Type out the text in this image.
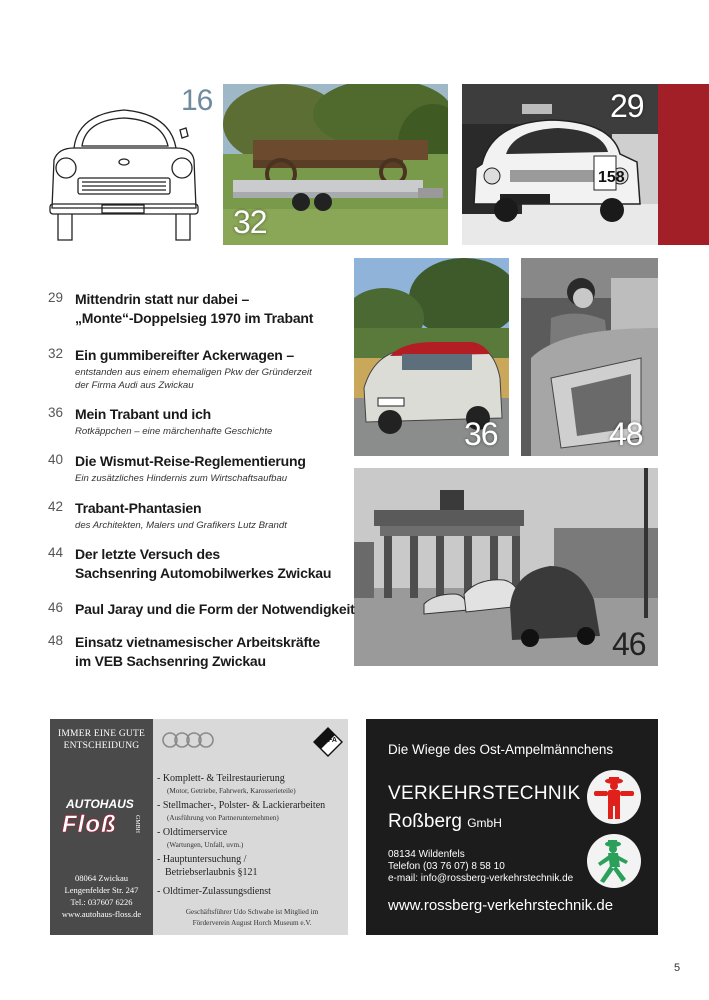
16
32
158
29
36	48
46
29 Mittendrin statt nur dabei –
„Monte“-Doppelsieg 1970 im Trabant
32 Ein gummibereifter Ackerwagen –
entstanden aus einem ehemaligen Pkw der Gründerzeit
der Firma Audi aus Zwickau
36 Mein Trabant und ich
Rotkäppchen – eine märchenhafte Geschichte
40 Die Wismut-Reise-Reglementierung
Ein zusätzliches Hindernis zum Wirtschaftsaufbau
42 Trabant-Phantasien
des Architekten, Malers und Grafikers Lutz Brandt
44 Der letzte Versuch des
Sachsenring Automobilwerkes Zwickau
46 Paul Jaray und die Form der Notwendigkeit
48 Einsatz vietnamesischer Arbeitskräfte
im VEB Sachsenring Zwickau
IMMER EINE GUTE
ENTSCHEIDUNG
AUTOHAUS
Floß	GMBH
08064 Zwickau
Lengenfelder Str. 247
Tel.: 037607 6226
www.autohaus-floss.de
IFA
- Komplett- & Teilrestaurierung
(Motor, Getriebe, Fahrwerk, Karosserieteile)
- Stellmacher-, Polster- & Lackierarbeiten
(Ausführung von Partnerunternehmen)
- Oldtimerservice
(Wartungen, Unfall, uvm.)
- Hauptuntersuchung /
Betriebserlaubnis §121
- Oldtimer-Zulassungsdienst
Geschäftsführer Udo Schwabe ist Mitglied im
Förderverein August Horch Museum e.V.
Die Wiege des Ost-Ampelmännchens
VERKEHRSTECHNIK
Roßberg GmbH
08134 Wildenfels
Telefon (03 76 07) 8 58 10
e-mail: info@rossberg-verkehrstechnik.de
www.rossberg-verkehrstechnik.de
5
